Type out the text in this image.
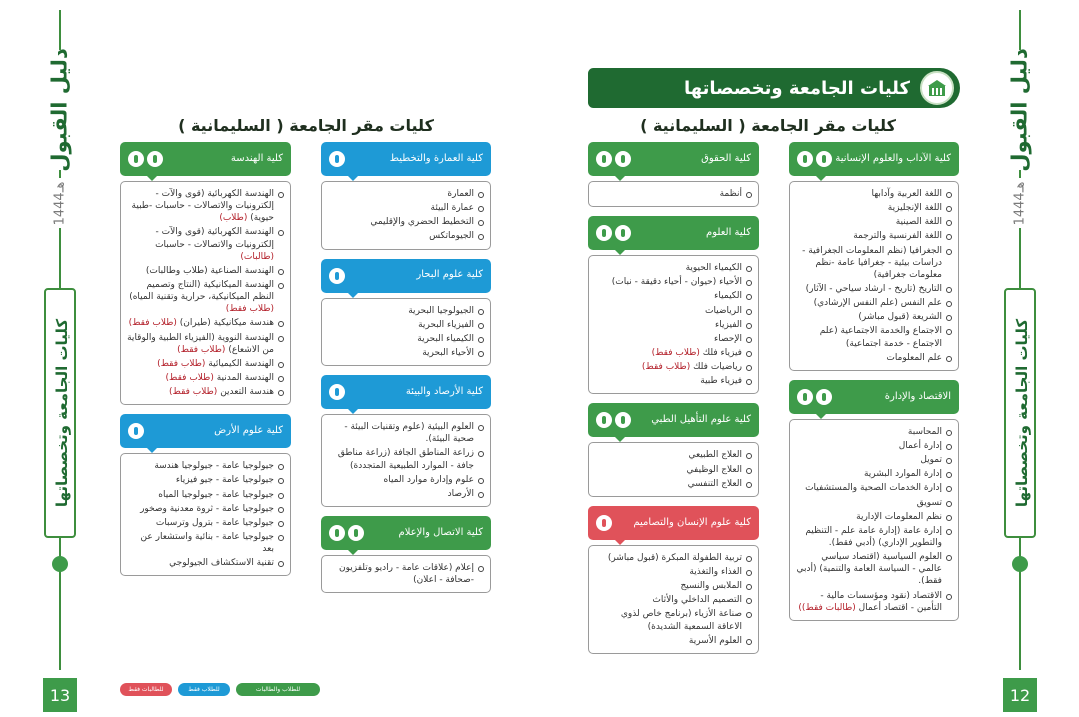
دليل القبول
1444هـ
كليات الجامعة وتخصصاتها
13
دليل القبول
1444هـ
كليات الجامعة وتخصصاتها
12
كليات الجامعة وتخصصاتها
كليات مقر الجامعة ( السليمانية )
كليات مقر الجامعة ( السليمانية )
كلية الآداب والعلوم الإنسانية
اللغة العربية وآدابها
اللغة الإنجليزية
اللغة الصينية
اللغة الفرنسية والترجمة
الجغرافيا (نظم المعلومات الجغرافية - دراسات بيئية - جغرافيا عامة -نظم معلومات جغرافية)
التاريخ (تاريخ - ارشاد سياحي - الآثار)
علم النفس (علم النفس الإرشادي)
الشريعة (قبول مباشر)
الاجتماع والخدمة الاجتماعية (علم الاجتماع - خدمة اجتماعية)
علم المعلومات
الاقتصاد والإدارة
المحاسبة
إدارة أعمال
تمويل
إدارة الموارد البشرية
إدارة الخدمات الصحية والمستشفيات
تسويق
نظم المعلومات الإدارية
إدارة عامة (إدارة عامة علم - التنظيم والتطوير الإداري) (أدبي فقط).
العلوم السياسية (اقتصاد سياسي عالمي - السياسة العامة والتنمية) (أدبي فقط).
الاقتصاد (نقود ومؤسسات مالية - التأمين - اقتصاد أعمال (طالبات فقط))
كلية الحقوق
أنظمة
كلية العلوم
الكيمياء الحيوية
الأحياء (حيوان - أحياء دقيقة - نبات)
الكيمياء
الرياضيات
الفيزياء
الإحصاء
فيزياء فلك (طلاب فقط)
رياضيات فلك (طلاب فقط)
فيزياء طبية
كلية علوم التأهيل الطبي
العلاج الطبيعي
العلاج الوظيفي
العلاج التنفسي
كلية علوم الإنسان والتصاميم
تربية الطفولة المبكرة (قبول مباشر)
الغذاء والتغذية
الملابس والنسيج
التصميم الداخلي والأثاث
صناعة الأزياء (برنامج خاص لذوي الاعاقة السمعية الشديدة)
العلوم الأسرية
كلية العمارة والتخطيط
العمارة
عمارة البيئة
التخطيط الحضري والإقليمي
الجيوماتكس
كلية علوم البحار
الجيولوجيا البحرية
الفيزياء البحرية
الكيمياء البحرية
الأحياء البحرية
كلية الأرصاد والبيئة
العلوم البيئية (علوم وتقنيات البيئة - صحية البيئة).
زراعة المناطق الجافة (زراعة مناطق جافة - الموارد الطبيعية المتجددة)
علوم وإدارة موارد المياه
الأرصاد
كلية الاتصال والإعلام
إعلام (علاقات عامة - راديو وتلفزيون -صحافة - اعلان)
كلية الهندسة
الهندسة الكهربائية (قوى والآت - إلكترونيات والاتصالات - حاسبات -طبية حيوية) (طلاب)
الهندسة الكهربائية (قوى والآت - إلكترونيات والاتصالات - حاسبات (طالبات)
الهندسة الصناعية (طلاب وطالبات)
الهندسة الميكانيكية (النتاج وتصميم النظم الميكانيكية، حرارية وتقنية المياه) (طلاب فقط)
هندسة ميكانيكية (طيران) (طلاب فقط)
الهندسة النووية (الفيزياء الطبية والوقاية من الاشعاع) (طلاب فقط)
الهندسة الكيميائية (طلاب فقط)
الهندسة المدنية (طلاب فقط)
هندسة التعدين (طلاب فقط)
كلية علوم الأرض
جيولوجيا عامة - جيولوجيا هندسة
جيولوجيا عامة - جيو فيزياء
جيولوجيا عامة - جيولوجيا المياه
جيولوجيا عامة - ثروة معدنية وصخور
جيولوجيا عامة - بترول وترسبات
جيولوجيا عامة - بنائية واستشعار عن بعد
تقنية الاستكشاف الجيولوجي
للطالبات فقط	للطلاب فقط	للطلاب والطالبات
